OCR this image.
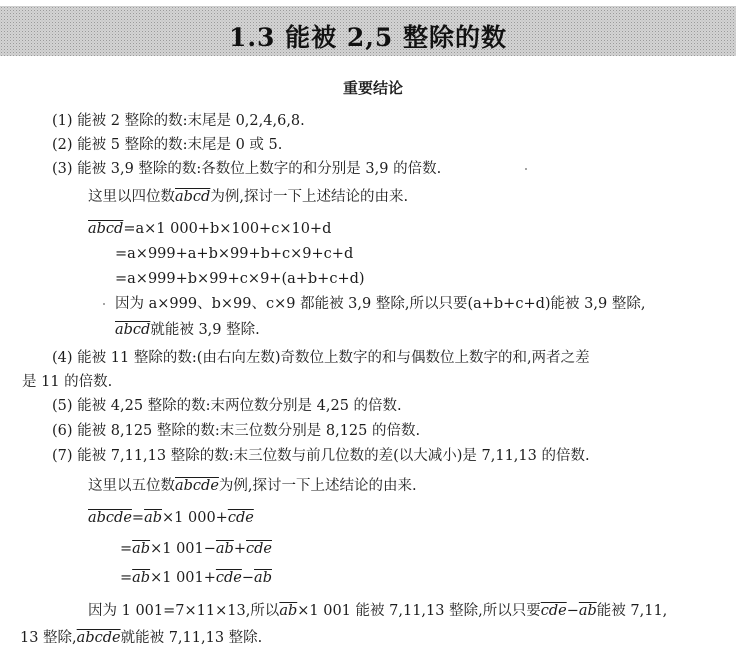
1.3 能被 2,5 整除的数
重要结论
(1) 能被 2 整除的数:末尾是 0,2,4,6,8.
(2) 能被 5 整除的数:末尾是 0 或 5.
(3) 能被 3,9 整除的数:各数位上数字的和分别是 3,9 的倍数.
这里以四位数abcd为例,探讨一下上述结论的由来.
abcd=a×1 000+b×100+c×10+d
=a×999+a+b×99+b+c×9+c+d
=a×999+b×99+c×9+(a+b+c+d)
因为 a×999、b×99、c×9 都能被 3,9 整除,所以只要(a+b+c+d)能被 3,9 整除,
abcd就能被 3,9 整除.
(4) 能被 11 整除的数:(由右向左数)奇数位上数字的和与偶数位上数字的和,两者之差
是 11 的倍数.
(5) 能被 4,25 整除的数:末两位数分别是 4,25 的倍数.
(6) 能被 8,125 整除的数:末三位数分别是 8,125 的倍数.
(7) 能被 7,11,13 整除的数:末三位数与前几位数的差(以大减小)是 7,11,13 的倍数.
这里以五位数abcde为例,探讨一下上述结论的由来.
$abcde=\overline{ab}\times 1$ $000+\overline{cde}$
$=\overline{ab}\times 1$ $001-\overline{ab}+\overline{cde}$
$=\overline{ab}\times 1$ $001+\overline{cde}-\overline{ab}$
因为 1 001=7×11×13,所以$\overline{ab}\times 1$ 001 能被 7,11,13 整除,所以只要$\overline{cde}-\overline{ab}$能被 7,11,
13 整除,abcde就能被 7,11,13 整除.
